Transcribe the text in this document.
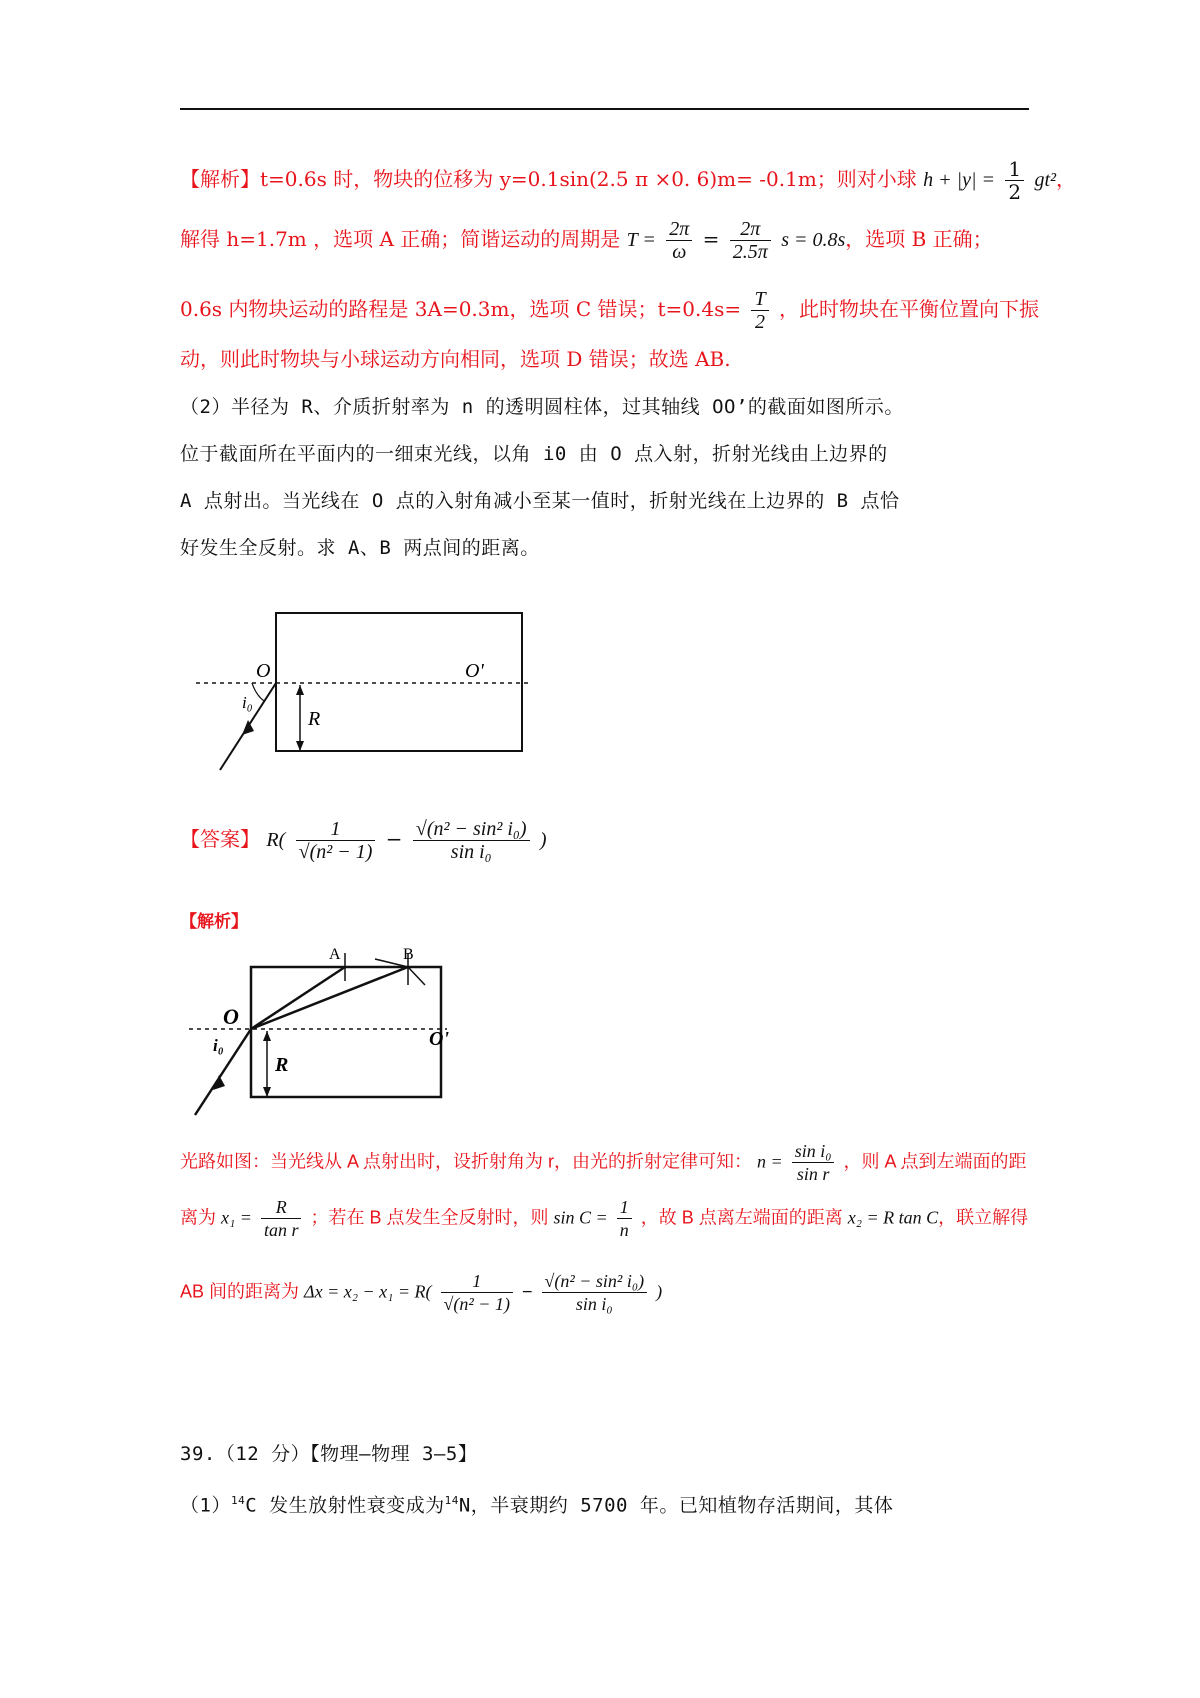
【解析】t=0.6s 时，物块的位移为 y=0.1sin(2.5 π ×0. 6)m= -0.1m；则对小球 $h + |y| = \frac{1}{2} gt^2$，
解得 h=1.7m ，选项 A 正确；简谐运动的周期是 $T = \frac{2\pi}{\omega} = \frac{2\pi}{2.5\pi}$ s = 0.8s，选项 B 正确；
0.6s 内物块运动的路程是 3A=0.3m，选项 C 错误；$t=0.4s= \frac{T}{2}$ ，此时物块在平衡位置向下振
动，则此时物块与小球运动方向相同，选项 D 错误；故选 AB.
（2）半径为 R、介质折射率为 n 的透明圆柱体，过其轴线 OO’的截面如图所示。
位于截面所在平面内的一细束光线，以角 i0 由 O 点入射，折射光线由上边界的
A 点射出。当光线在 O 点的入射角减小至某一值时，折射光线在上边界的 B 点恰
好发生全反射。求 A、B 两点间的距离。
O	O'
i₀
R
【答案】 $R( \frac{1}{\text{√(n² − 1)}} - \frac{\text{√(n² − sin² i₀)}}{\text{sin i₀}}$ )
【解析】
A	B
O
O'
i₀
R
光路如图：当光线从 A 点射出时，设折射角为 r，由光的折射定律可知： $n = \frac{\text{sin i₀}}{\text{sin r}}$ ，则 A 点到左端面的距
离为 $x_1 = \frac{R}{\text{tan r}}$ ；若在 B 点发生全反射时，则 $\sin C = \frac{1}{n}$ ，故 B 点离左端面的距离 x₂ = R tan C，联立解得
AB 间的距离为 $\Delta x = x_2 - x_1 = R( \frac{1}{\text{√(n² − 1)}} - \frac{\text{√(n² − sin² i₀)}}{\text{sin i₀}}$ )
39.（12 分）【物理—物理 3—5】
$(1)^{14}C$ 发生放射性衰变成为$^{14}$N，半衰期约 5700 年。已知植物存活期间，其体
